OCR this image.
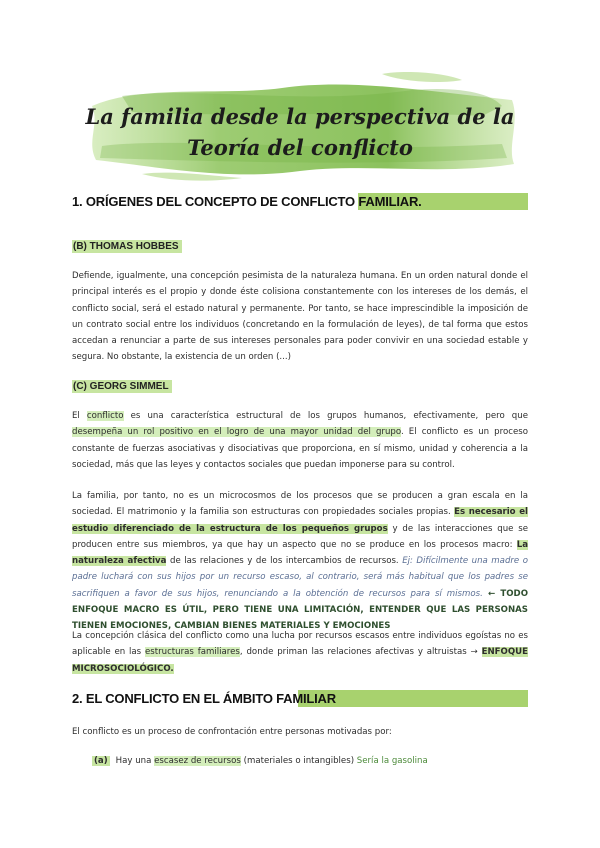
La familia desde la perspectiva de la
Teoría del conflicto
1. ORÍGENES DEL CONCEPTO DE CONFLICTO FAMILIAR.
(B) THOMAS HOBBES
Defiende, igualmente, una concepción pesimista de la naturaleza humana. En un orden natural donde el principal interés es el propio y donde éste colisiona constantemente con los intereses de los demás, el conflicto social, será el estado natural y permanente. Por tanto, se hace imprescindible la imposición de un contrato social entre los individuos (concretando en la formulación de leyes), de tal forma que estos accedan a renunciar a parte de sus intereses personales para poder convivir en una sociedad estable y segura. No obstante, la existencia de un orden (...)
(C) GEORG SIMMEL
El conflicto es una característica estructural de los grupos humanos, efectivamente, pero que desempeña un rol positivo en el logro de una mayor unidad del grupo. El conflicto es un proceso constante de fuerzas asociativas y disociativas que proporciona, en sí mismo, unidad y coherencia a la sociedad, más que las leyes y contactos sociales que puedan imponerse para su control.
La familia, por tanto, no es un microcosmos de los procesos que se producen a gran escala en la sociedad. El matrimonio y la familia son estructuras con propiedades sociales propias. Es necesario el estudio diferenciado de la estructura de los pequeños grupos y de las interacciones que se producen entre sus miembros, ya que hay un aspecto que no se produce en los procesos macro: La naturaleza afectiva de las relaciones y de los intercambios de recursos. Ej: Difícilmente una madre o padre luchará con sus hijos por un recurso escaso, al contrario, será más habitual que los padres se sacrifiquen a favor de sus hijos, renunciando a la obtención de recursos para sí mismos. ← TODO ENFOQUE MACRO ES ÚTIL, PERO TIENE UNA LIMITACIÓN, ENTENDER QUE LAS PERSONAS TIENEN EMOCIONES, CAMBIAN BIENES MATERIALES Y EMOCIONES
La concepción clásica del conflicto como una lucha por recursos escasos entre individuos egoístas no es aplicable en las estructuras familiares, donde priman las relaciones afectivas y altruistas → ENFOQUE MICROSOCIOLÓGICO.
2. EL CONFLICTO EN EL ÁMBITO FAMILIAR
El conflicto es un proceso de confrontación entre personas motivadas por:
(a) Hay una escasez de recursos (materiales o intangibles) Sería la gasolina
